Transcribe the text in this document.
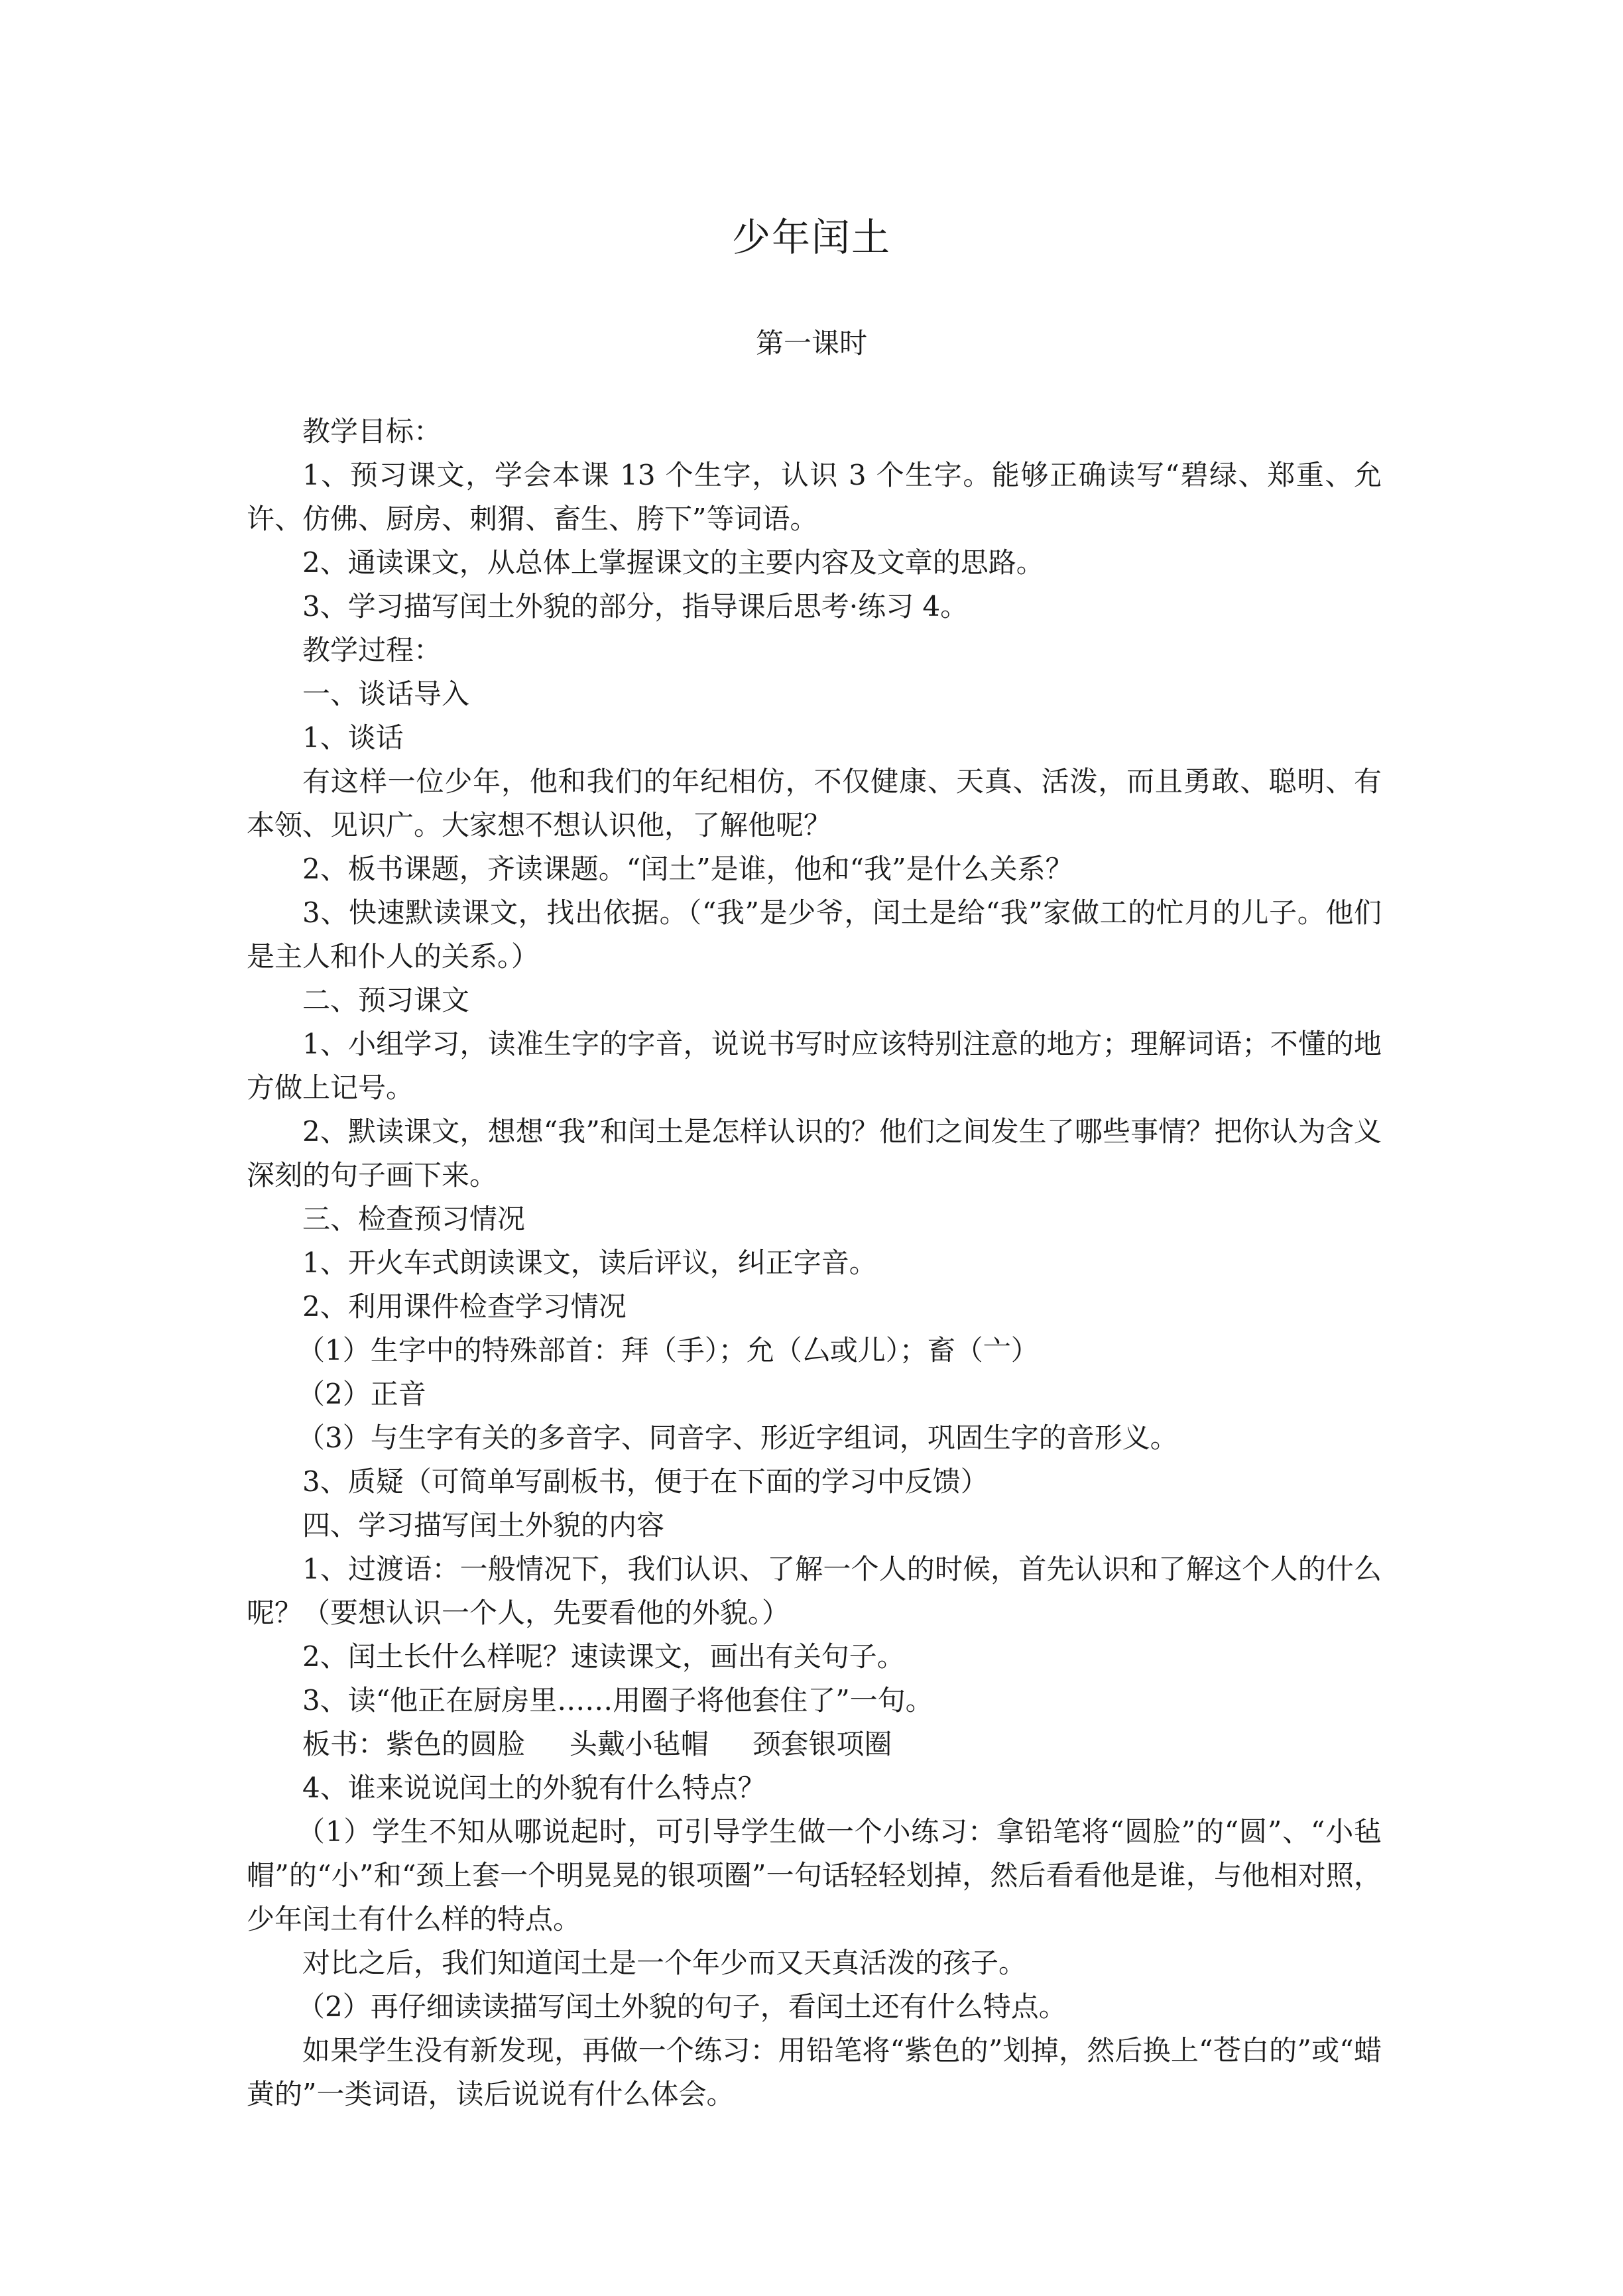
少年闰土
第一课时

教学目标：

1、预习课文，学会本课 13 个生字，认识 3 个生字。能够正确读写“碧绿、郑重、允许、仿佛、厨房、刺猬、畜生、胯下”等词语。

2、通读课文，从总体上掌握课文的主要内容及文章的思路。

3、学习描写闰土外貌的部分，指导课后思考·练习 4。

教学过程：

一、谈话导入

1、谈话

有这样一位少年，他和我们的年纪相仿，不仅健康、天真、活泼，而且勇敢、聪明、有本领、见识广。大家想不想认识他，了解他呢？

2、板书课题，齐读课题。“闰土”是谁，他和“我”是什么关系？

3、快速默读课文，找出依据。（“我”是少爷，闰土是给“我”家做工的忙月的儿子。他们是主人和仆人的关系。）

二、预习课文

1、小组学习，读准生字的字音，说说书写时应该特别注意的地方；理解词语；不懂的地方做上记号。

2、默读课文，想想“我”和闰土是怎样认识的？他们之间发生了哪些事情？把你认为含义深刻的句子画下来。

三、检查预习情况

1、开火车式朗读课文，读后评议，纠正字音。

2、利用课件检查学习情况

（1）生字中的特殊部首：拜（手）；允（厶或儿）；畜（亠）

（2）正音

（3）与生字有关的多音字、同音字、形近字组词，巩固生字的音形义。

3、质疑（可简单写副板书，便于在下面的学习中反馈）

四、学习描写闰土外貌的内容

1、过渡语：一般情况下，我们认识、了解一个人的时候，首先认识和了解这个人的什么呢？（要想认识一个人，先要看他的外貌。）

2、闰土长什么样呢？速读课文，画出有关句子。

3、读“他正在厨房里……用圈子将他套住了”一句。

板书：紫色的圆脸     头戴小毡帽     颈套银项圈

4、谁来说说闰土的外貌有什么特点？

（1）学生不知从哪说起时，可引导学生做一个小练习：拿铅笔将“圆脸”的“圆”、“小毡帽”的“小”和“颈上套一个明晃晃的银项圈”一句话轻轻划掉，然后看看他是谁，与他相对照，少年闰土有什么样的特点。

对比之后，我们知道闰土是一个年少而又天真活泼的孩子。

（2）再仔细读读描写闰土外貌的句子，看闰土还有什么特点。

如果学生没有新发现，再做一个练习：用铅笔将“紫色的”划掉，然后换上“苍白的”或“蜡黄的”一类词语，读后说说有什么体会。
